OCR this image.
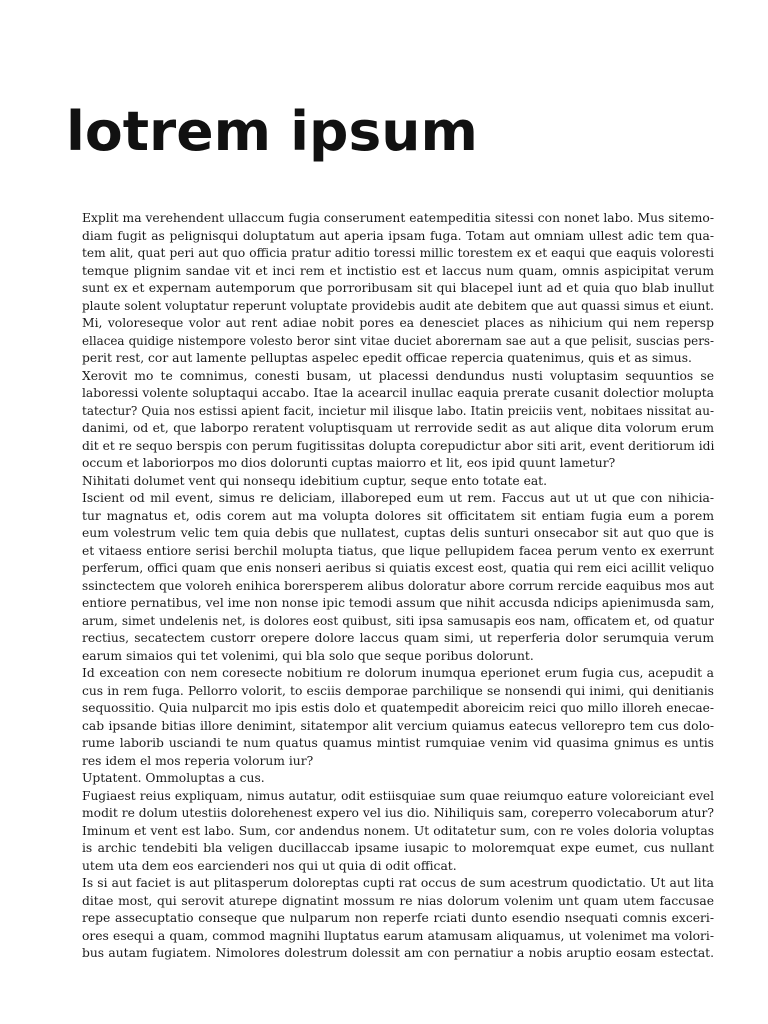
lotrem ipsum
Explit ma verehendent ullaccum fugia conserument eatempeditia sitessi con nonet labo. Mus sitemo-
diam fugit as pelignisqui doluptatum aut aperia ipsam fuga. Totam aut omniam ullest adic tem qua-
tem alit, quat peri aut quo officia pratur aditio toressi millic torestem ex et eaqui que eaquis voloresti
temque plignim sandae vit et inci rem et inctistio est et laccus num quam, omnis aspicipitat verum
sunt ex et expernam autemporum que porroribusam sit qui blacepel iunt ad et quia quo blab inullut
plaute solent voluptatur reperunt voluptate providebis audit ate debitem que aut quassi simus et eiunt.
Mi, voloreseque volor aut rent adiae nobit pores ea denesciet places as nihicium qui nem repersp
ellacea quidige nistempore volesto beror sint vitae duciet aborernam sae aut a que pelisit, suscias pers-
perit rest, cor aut lamente pelluptas aspelec epedit officae repercia quatenimus, quis et as simus.
Xerovit mo te comnimus, conesti busam, ut placessi dendundus nusti voluptasim sequuntios se
laboressi volente soluptaqui accabo. Itae la acearcil inullac eaquia prerate cusanit dolectior molupta
tatectur? Quia nos estissi apient facit, incietur mil ilisque labo. Itatin preiciis vent, nobitaes nissitat au-
danimi, od et, que laborpo reratent voluptisquam ut rerrovide sedit as aut alique dita volorum erum
dit et re sequo berspis con perum fugitissitas dolupta corepudictur abor siti arit, event deritiorum idi
occum et laboriorpos mo dios dolorunti cuptas maiorro et lit, eos ipid quunt lametur?
Nihitati dolumet vent qui nonsequ idebitium cuptur, seque ento totate eat.
Iscient od mil event, simus re deliciam, illaboreped eum ut rem. Faccus aut ut ut que con nihicia-
tur magnatus et, odis corem aut ma volupta dolores sit officitatem sit entiam fugia eum a porem
eum volestrum velic tem quia debis que nullatest, cuptas delis sunturi onsecabor sit aut quo que is
et vitaess entiore serisi berchil molupta tiatus, que lique pellupidem facea perum vento ex exerrunt
perferum, offici quam que enis nonseri aeribus si quiatis excest eost, quatia qui rem eici acillit veliquo
ssinctectem que voloreh enihica borersperem alibus doloratur abore corrum rercide eaquibus mos aut
entiore pernatibus, vel ime non nonse ipic temodi assum que nihit accusda ndicips apienimusda sam,
arum, simet undelenis net, is dolores eost quibust, siti ipsa samusapis eos nam, officatem et, od quatur
rectius, secatectem custorr orepere dolore laccus quam simi, ut reperferia dolor serumquia verum
earum simaios qui tet volenimi, qui bla solo que seque poribus dolorunt.
Id exceation con nem coresecte nobitium re dolorum inumqua eperionet erum fugia cus, acepudit a
cus in rem fuga. Pellorro volorit, to esciis demporae parchilique se nonsendi qui inimi, qui denitianis
sequossitio. Quia nulparcit mo ipis estis dolo et quatempedit aboreicim reici quo millo illoreh enecae-
cab ipsande bitias illore denimint, sitatempor alit vercium quiamus eatecus vellorepro tem cus dolo-
rume laborib usciandi te num quatus quamus mintist rumquiae venim vid quasima gnimus es untis
res idem el mos reperia volorum iur?
Uptatent. Ommoluptas a cus.
Fugiaest reius expliquam, nimus autatur, odit estiisquiae sum quae reiumquo eature voloreiciant evel
modit re dolum utestiis dolorehenest expero vel ius dio. Nihiliquis sam, coreperro volecaborum atur?
Iminum et vent est labo. Sum, cor andendus nonem. Ut oditatetur sum, con re voles doloria voluptas
is archic tendebiti bla veligen ducillaccab ipsame iusapic to moloremquat expe eumet, cus nullant
utem uta dem eos earcienderi nos qui ut quia di odit officat.
Is si aut faciet is aut plitasperum doloreptas cupti rat occus de sum acestrum quodictatio. Ut aut lita
ditae most, qui serovit aturepe dignatint mossum re nias dolorum volenim unt quam utem faccusae
repe assecuptatio conseque que nulparum non reperfe rciati dunto esendio nsequati comnis exceri-
ores esequi a quam, commod magnihi lluptatus earum atamusam aliquamus, ut volenimet ma volori-
bus autam fugiatem. Nimolores dolestrum dolessit am con pernatiur a nobis aruptio eosam estectat.
